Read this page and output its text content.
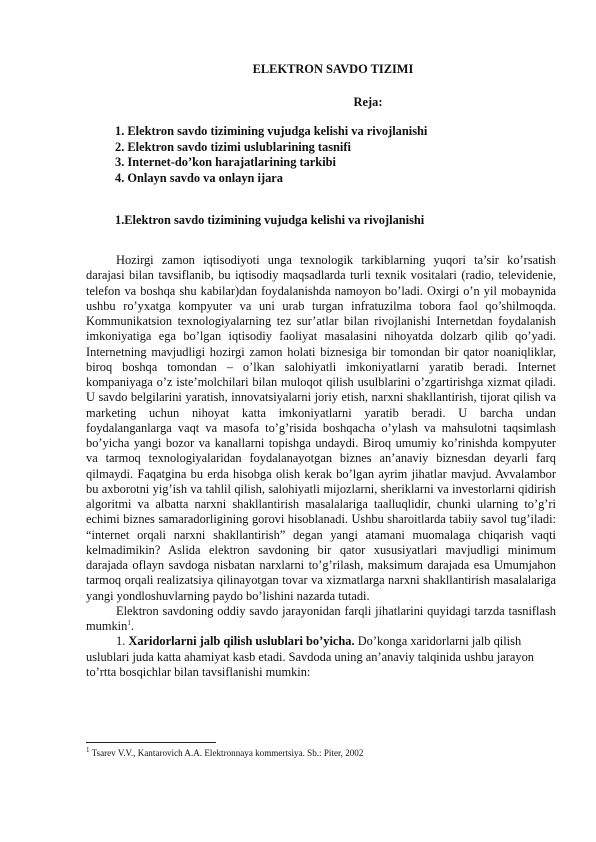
ELEKTRON SAVDO TIZIMI
Reja:
1. Elektron savdo tizimining vujudga kelishi va rivojlanishi
2. Elektron savdo tizimi uslublarining tasnifi
3. Internet-do’kon harajatlarining tarkibi
4. Onlayn savdo va onlayn ijara
1.Elektron savdo tizimining vujudga kelishi va rivojlanishi

Hozirgi zamon iqtisodiyoti unga texnologik tarkiblarning yuqori ta’sir ko’rsatish darajasi bilan tavsiflanib, bu iqtisodiy maqsadlarda turli texnik vositalari (radio, televidenie, telefon va boshqa shu kabilar)dan foydalanishda namoyon bo’ladi. Oxirgi o’n yil mobaynida ushbu ro’yxatga kompyuter va uni urab turgan infratuzilma tobora faol qo’shilmoqda. Kommunikatsion texnologiyalarning tez sur’atlar bilan rivojlanishi Internetdan foydalanish imkoniyatiga ega bo’lgan iqtisodiy faoliyat masalasini nihoyatda dolzarb qilib qo’yadi. Internetning mavjudligi hozirgi zamon holati biznesiga bir tomondan bir qator noaniqliklar, biroq boshqa tomondan – o’lkan salohiyatli imkoniyatlarni yaratib beradi. Internet kompaniyaga o’z iste’molchilari bilan muloqot qilish usulblarini o’zgartirishga xizmat qiladi. U savdo belgilarini yaratish, innovatsiyalarni joriy etish, narxni shakllantirish, tijorat qilish va marketing uchun nihoyat katta imkoniyatlarni yaratib beradi. U barcha undan foydalanganlarga vaqt va masofa to’g’risida boshqacha o’ylash va mahsulotni taqsimlash bo’yicha yangi bozor va kanallarni topishga undaydi. Biroq umumiy ko’rinishda kompyuter va tarmoq texnologiyalaridan foydalanayotgan biznes an’anaviy biznesdan deyarli farq qilmaydi. Faqatgina bu erda hisobga olish kerak bo’lgan ayrim jihatlar mavjud. Avvalambor bu axborotni yig’ish va tahlil qilish, salohiyatli mijozlarni, sheriklarni va investorlarni qidirish algoritmi va albatta narxni shakllantirish masalalariga taalluqlidir, chunki ularning to’g’ri echimi biznes samaradorligining gorovi hisoblanadi. Ushbu sharoitlarda tabiiy savol tug’iladi: “internet orqali narxni shakllantirish” degan yangi atamani muomalaga chiqarish vaqti kelmadimikin? Aslida elektron savdoning bir qator xususiyatlari mavjudligi minimum darajada oflayn savdoga nisbatan narxlarni to’g’rilash, maksimum darajada esa Umumjahon tarmoq orqali realizatsiya qilinayotgan tovar va xizmatlarga narxni shakllantirish masalalariga yangi yondloshuvlarning paydo bo’lishini nazarda tutadi.

Elektron savdoning oddiy savdo jarayonidan farqli jihatlarini quyidagi tarzda tasniflash mumkin$^1$.

1. Xaridorlarni jalb qilish uslublari bo’yicha. Do’konga xaridorlarni jalb qilish uslublari juda katta ahamiyat kasb etadi. Savdoda uning an’anaviy talqinida ushbu jarayon to’rtta bosqichlar bilan tavsiflanishi mumkin:

$^1$ Tsarev V.V., Kantarovich A.A. Elektronnaya kommertsiya. Sb.: Piter, 2002
